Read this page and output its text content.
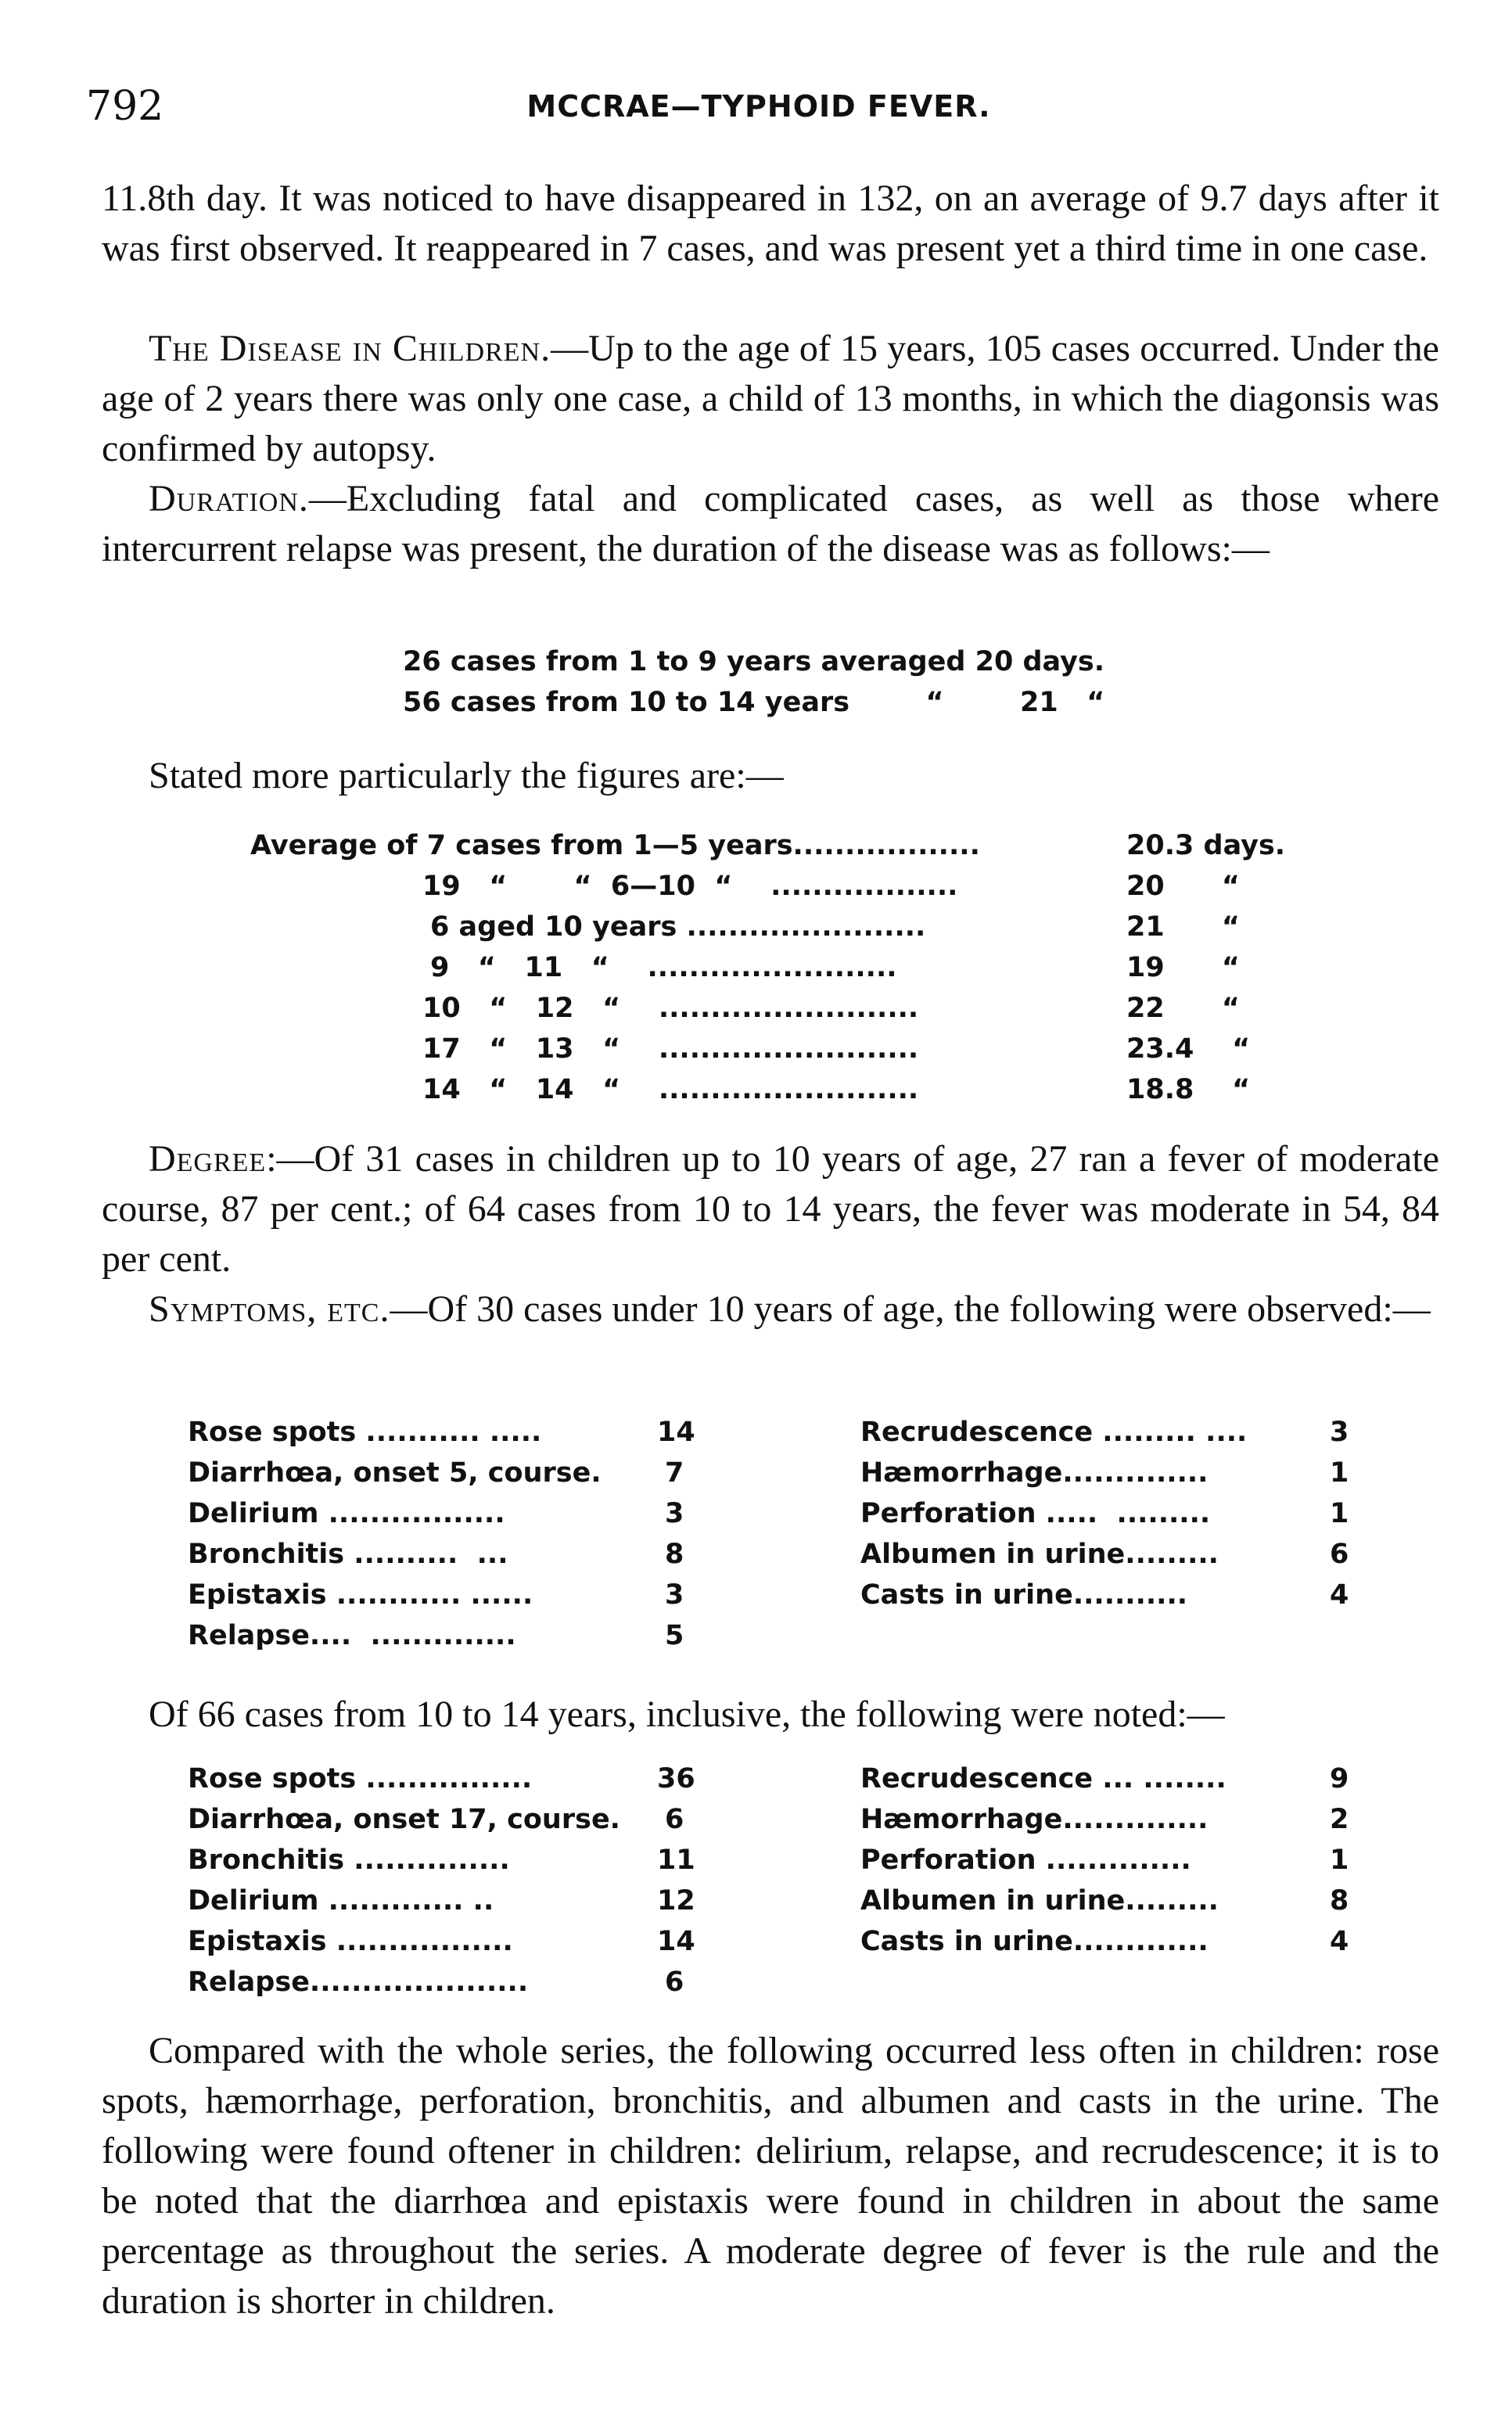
792	MCCRAE—TYPHOID FEVER.
11.8th day. It was noticed to have disappeared in 132, on an average of 9.7 days after it was first observed. It reappeared in 7 cases, and was present yet a third time in one case.
The Disease in Children.—Up to the age of 15 years, 105 cases occurred. Under the age of 2 years there was only one case, a child of 13 months, in which the diagonsis was confirmed by autopsy.
Duration.—Excluding fatal and complicated cases, as well as those where intercurrent relapse was present, the duration of the disease was as follows:—
26 cases from 1 to 9 years averaged 20 days.
56 cases from 10 to 14 years        “        21   “
Stated more particularly the figures are:—
Average of 7 cases from 1—5 years..................	20.3 days.
19   “       “  6—10  “    ..................	20      “
6 aged 10 years .......................	21      “
9   “   11   “    ........................	19      “
10   “   12   “    .........................	22      “
17   “   13   “    .........................	23.4    “
14   “   14   “    .........................	18.8    “
Degree:—Of 31 cases in children up to 10 years of age, 27 ran a fever of moderate course, 87 per cent.; of 64 cases from 10 to 14 years, the fever was moderate in 54, 84 per cent.
Symptoms, etc.—Of 30 cases under 10 years of age, the following were observed:—
Rose spots ........... .....	14	Recrudescence ......... ....	3
Diarrhœa, onset 5, course. 7	Hæmorrhage..............	1
Delirium .................	3	Perforation .....  .........	1
Bronchitis ..........  ...	8	Albumen in urine.........	6
Epistaxis ............ ......	3	Casts in urine...........	4
Relapse....  ..............	5
Of 66 cases from 10 to 14 years, inclusive, the following were noted:—
Rose spots ................	36	Recrudescence ... ........	9
Diarrhœa, onset 17, course. 6	Hæmorrhage..............	2
Bronchitis ...............	11	Perforation ..............	1
Delirium ............. ..	12	Albumen in urine.........	8
Epistaxis .................	14	Casts in urine.............	4
Relapse.....................	6
Compared with the whole series, the following occurred less often in children: rose spots, hæmorrhage, perforation, bronchitis, and albumen and casts in the urine. The following were found oftener in children: delirium, relapse, and recrudescence; it is to be noted that the diarrhœa and epistaxis were found in children in about the same percentage as throughout the series. A moderate degree of fever is the rule and the duration is shorter in children.
